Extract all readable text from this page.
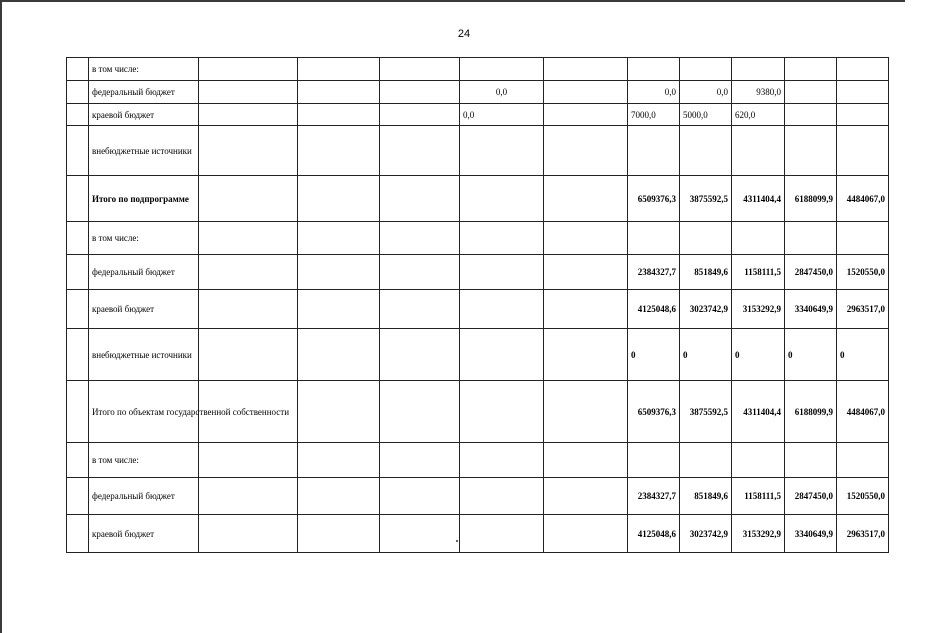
24
	в том числе:										
	федеральный бюджет				0,0		0,0	0,0	9380,0		
	краевой бюджет				0,0		7000,0	5000,0	620,0		
	внебюджетные источники										
	Итого по подпрограмме						6509376,3	3875592,5	4311404,4	6188099,9	4484067,0
	в том числе:										
	федеральный бюджет						2384327,7	851849,6	1158111,5	2847450,0	1520550,0
	краевой бюджет						4125048,6	3023742,9	3153292,9	3340649,9	2963517,0
	внебюджетные источники						0	0	0	0	0
	Итого по объектам государственной собственности						6509376,3	3875592,5	4311404,4	6188099,9	4484067,0
	в том числе:										
	федеральный бюджет						2384327,7	851849,6	1158111,5	2847450,0	1520550,0
	краевой бюджет						4125048,6	3023742,9	3153292,9	3340649,9	2963517,0
